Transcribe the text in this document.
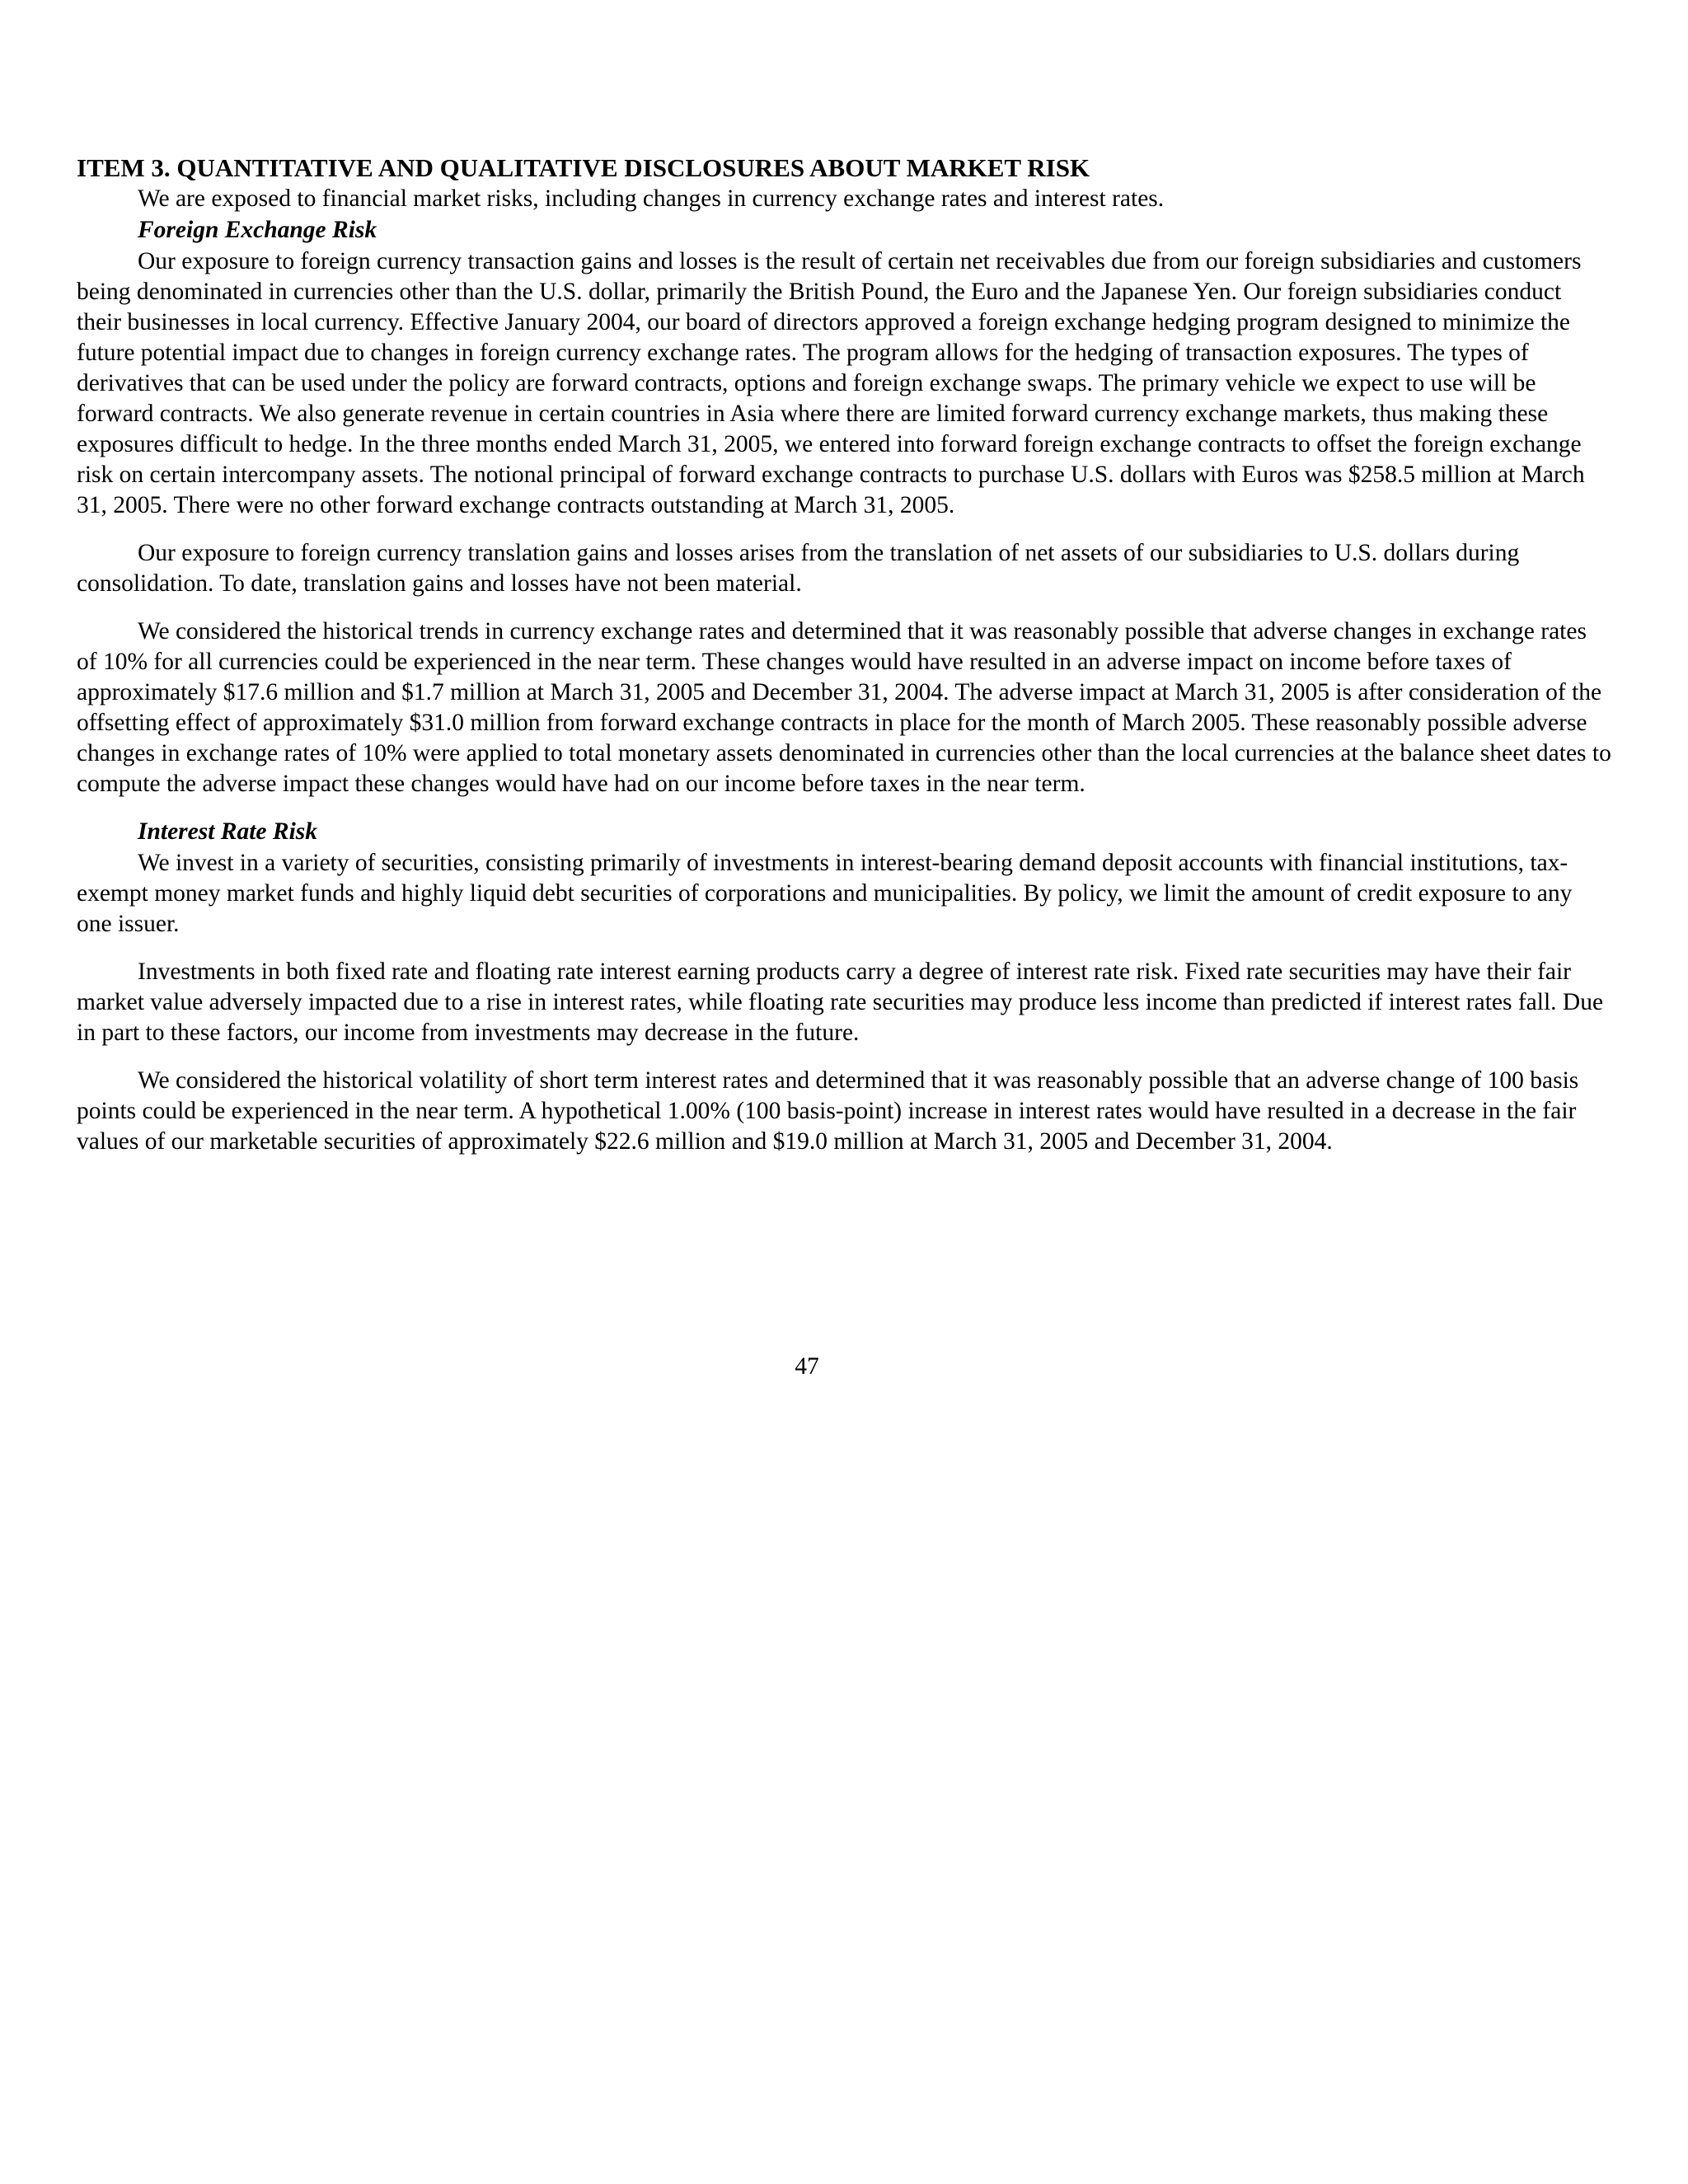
ITEM 3. QUANTITATIVE AND QUALITATIVE DISCLOSURES ABOUT MARKET RISK

We are exposed to financial market risks, including changes in currency exchange rates and interest rates.

Foreign Exchange Risk

Our exposure to foreign currency transaction gains and losses is the result of certain net receivables due from our foreign subsidiaries and customers being denominated in currencies other than the U.S. dollar, primarily the British Pound, the Euro and the Japanese Yen. Our foreign subsidiaries conduct their businesses in local currency. Effective January 2004, our board of directors approved a foreign exchange hedging program designed to minimize the future potential impact due to changes in foreign currency exchange rates. The program allows for the hedging of transaction exposures. The types of derivatives that can be used under the policy are forward contracts, options and foreign exchange swaps. The primary vehicle we expect to use will be forward contracts. We also generate revenue in certain countries in Asia where there are limited forward currency exchange markets, thus making these exposures difficult to hedge. In the three months ended March 31, 2005, we entered into forward foreign exchange contracts to offset the foreign exchange risk on certain intercompany assets. The notional principal of forward exchange contracts to purchase U.S. dollars with Euros was $258.5 million at March 31, 2005. There were no other forward exchange contracts outstanding at March 31, 2005.

Our exposure to foreign currency translation gains and losses arises from the translation of net assets of our subsidiaries to U.S. dollars during consolidation. To date, translation gains and losses have not been material.

We considered the historical trends in currency exchange rates and determined that it was reasonably possible that adverse changes in exchange rates of 10% for all currencies could be experienced in the near term. These changes would have resulted in an adverse impact on income before taxes of approximately $17.6 million and $1.7 million at March 31, 2005 and December 31, 2004. The adverse impact at March 31, 2005 is after consideration of the offsetting effect of approximately $31.0 million from forward exchange contracts in place for the month of March 2005. These reasonably possible adverse changes in exchange rates of 10% were applied to total monetary assets denominated in currencies other than the local currencies at the balance sheet dates to compute the adverse impact these changes would have had on our income before taxes in the near term.

Interest Rate Risk

We invest in a variety of securities, consisting primarily of investments in interest-bearing demand deposit accounts with financial institutions, tax-exempt money market funds and highly liquid debt securities of corporations and municipalities. By policy, we limit the amount of credit exposure to any one issuer.

Investments in both fixed rate and floating rate interest earning products carry a degree of interest rate risk. Fixed rate securities may have their fair market value adversely impacted due to a rise in interest rates, while floating rate securities may produce less income than predicted if interest rates fall. Due in part to these factors, our income from investments may decrease in the future.

We considered the historical volatility of short term interest rates and determined that it was reasonably possible that an adverse change of 100 basis points could be experienced in the near term. A hypothetical 1.00% (100 basis-point) increase in interest rates would have resulted in a decrease in the fair values of our marketable securities of approximately $22.6 million and $19.0 million at March 31, 2005 and December 31, 2004.

47
